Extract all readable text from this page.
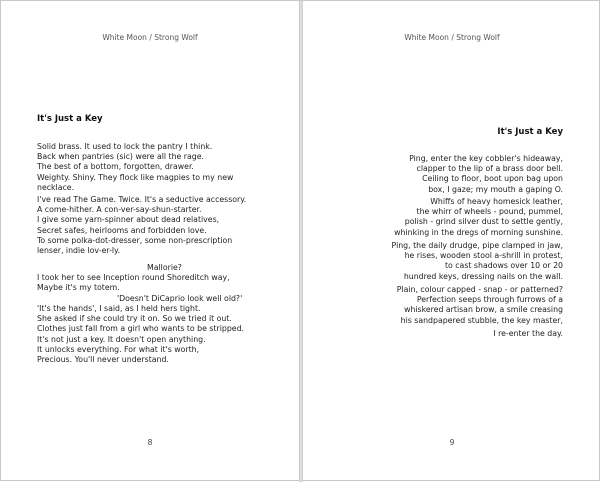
White Moon / Strong Wolf
It's Just a Key
Solid brass. It used to lock the pantry I think.
Back when pantries (sic) were all the rage.
The best of a bottom, forgotten, drawer.
Weighty. Shiny. They flock like magpies to my new
necklace.
I've read The Game. Twice. It's a seductive accessory.
A come-hither. A con-ver-say-shun-starter.
I give some yarn-spinner about dead relatives,
Secret safes, heirlooms and forbidden love.
To some polka-dot-dresser, some non-prescription
lenser, indie lov-er-ly.
Mallorie?
I took her to see Inception round Shoreditch way,
Maybe it's my totem.
'Doesn't DiCaprio look well old?'
'It's the hands', I said, as I held hers tight.
She asked if she could try it on. So we tried it out.
Clothes just fall from a girl who wants to be stripped.
It's not just a key. It doesn't open anything.
It unlocks everything. For what it's worth,
Precious. You'll never understand.
8
White Moon / Strong Wolf
It's Just a Key
Ping, enter the key cobbler's hideaway,
clapper to the lip of a brass door bell.
Ceiling to floor, boot upon bag upon
box, I gaze; my mouth a gaping O.
Whiffs of heavy homesick leather,
the whirr of wheels - pound, pummel,
polish - grind silver dust to settle gently,
whinking in the dregs of morning sunshine.
Ping, the daily drudge, pipe clamped in jaw,
he rises, wooden stool a-shrill in protest,
to cast shadows over 10 or 20
hundred keys, dressing nails on the wall.
Plain, colour capped - snap - or patterned?
Perfection seeps through furrows of a
whiskered artisan brow, a smile creasing
his sandpapered stubble, the key master,
I re-enter the day.
9
